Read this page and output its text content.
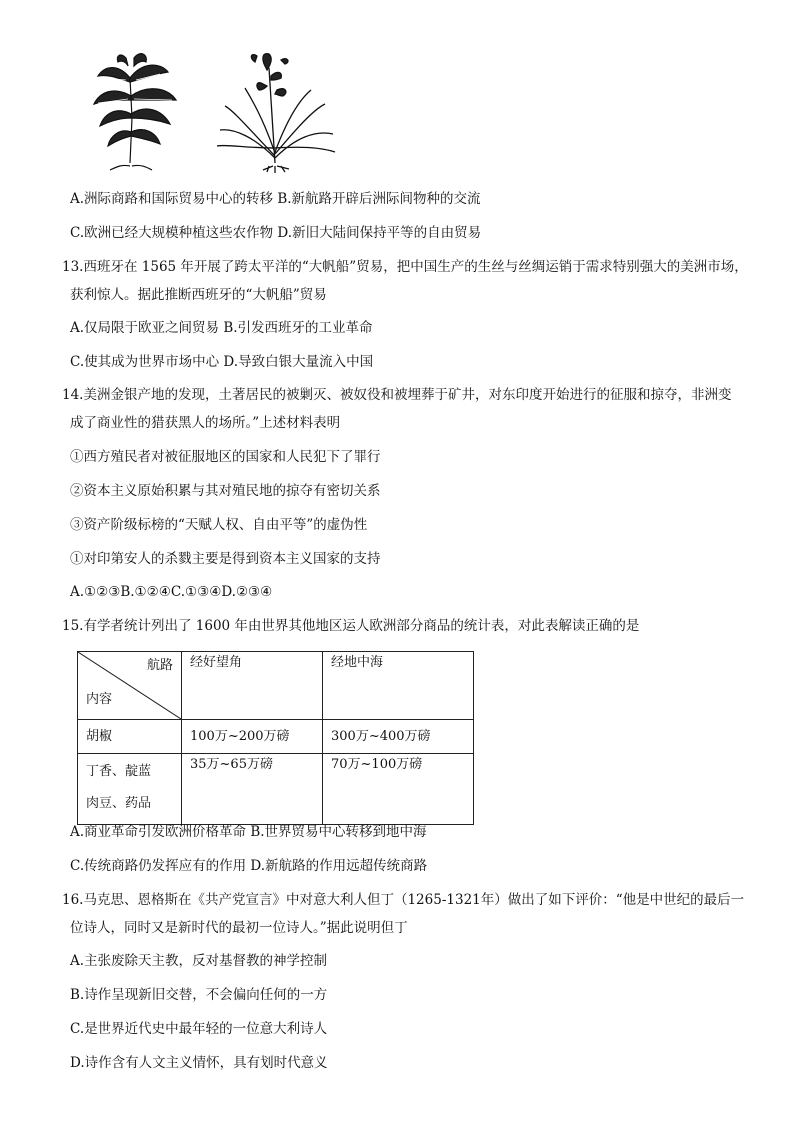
A.洲际商路和国际贸易中心的转移 B.新航路开辟后洲际间物种的交流
C.欧洲已经大规模种植这些农作物 D.新旧大陆间保持平等的自由贸易
13.西班牙在 1565 年开展了跨太平洋的“大帆船”贸易，把中国生产的生丝与丝绸运销于需求特别强大的美洲市场，
获利惊人。据此推断西班牙的“大帆船”贸易
A.仅局限于欧亚之间贸易 B.引发西班牙的工业革命
C.使其成为世界市场中心 D.导致白银大量流入中国
14.美洲金银产地的发现，土著居民的被剿灭、被奴役和被埋葬于矿井，对东印度开始进行的征服和掠夺，非洲变
成了商业性的猎获黑人的场所。”上述材料表明
①西方殖民者对被征服地区的国家和人民犯下了罪行
②资本主义原始积累与其对殖民地的掠夺有密切关系
③资产阶级标榜的“天赋人权、自由平等”的虚伪性
①对印第安人的杀戮主要是得到资本主义国家的支持
A.①②③B.①②④C.①③④D.②③④
15.有学者统计列出了 1600 年由世界其他地区运人欧洲部分商品的统计表，对此表解读正确的是
航路
内容	经好望角	经地中海

胡椒	100万~200万磅	300万~400万磅

丁香、靛蓝
肉豆、药品	35万~65万磅	70万~100万磅
A.商业革命引发欧洲价格革命 B.世界贸易中心转移到地中海
C.传统商路仍发挥应有的作用 D.新航路的作用远超传统商路
16.马克思、恩格斯在《共产党宣言》中对意大利人但丁（1265-1321年）做出了如下评价：“他是中世纪的最后一
位诗人，同时又是新时代的最初一位诗人。”据此说明但丁
A.主张废除天主教，反对基督教的神学控制
B.诗作呈现新旧交替，不会偏向任何的一方
C.是世界近代史中最年轻的一位意大利诗人
D.诗作含有人文主义情怀，具有划时代意义
